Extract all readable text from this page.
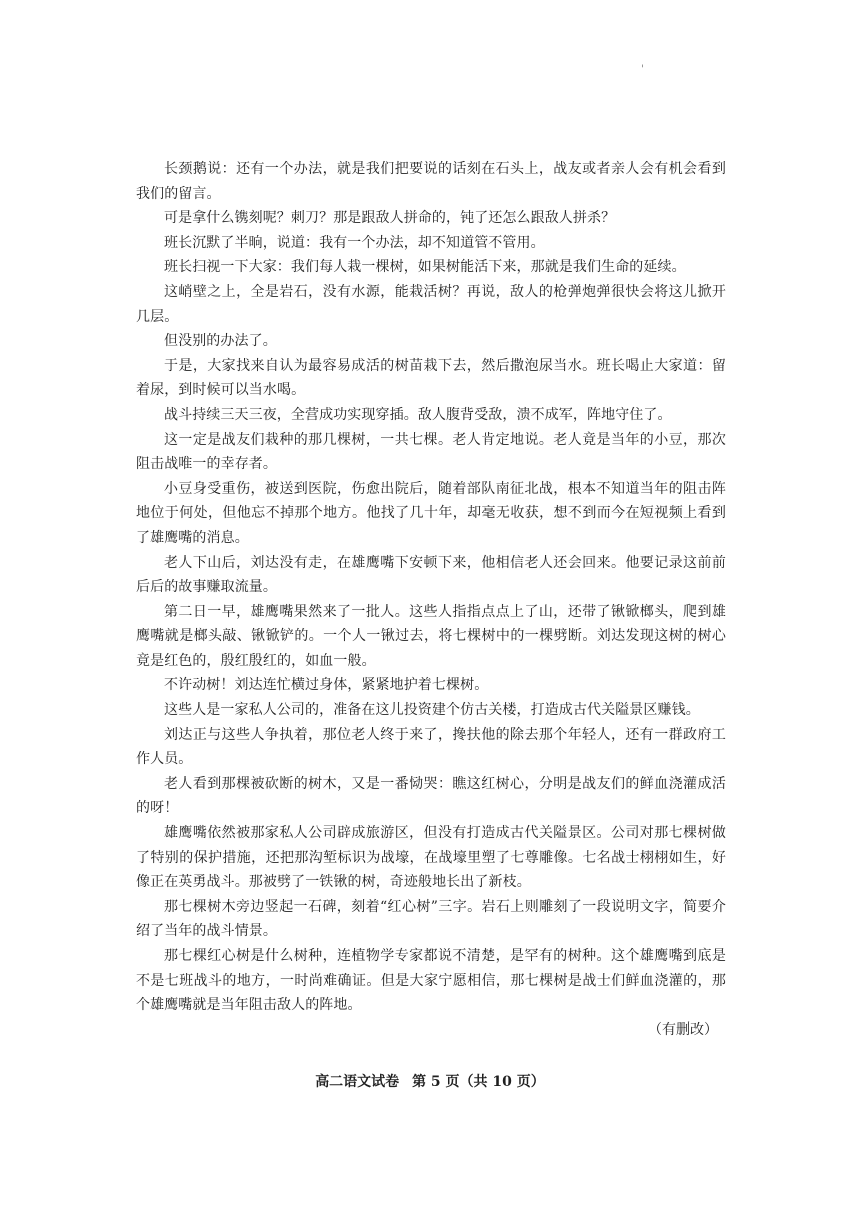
'

长颈鹅说：还有一个办法，就是我们把要说的话刻在石头上，战友或者亲人会有机会看到我们的留言。

可是拿什么镌刻呢？刺刀？那是跟敌人拼命的，钝了还怎么跟敌人拼杀？

班长沉默了半晌，说道：我有一个办法，却不知道管不管用。

班长扫视一下大家：我们每人栽一棵树，如果树能活下来，那就是我们生命的延续。

这峭壁之上，全是岩石，没有水源，能栽活树？再说，敌人的枪弹炮弹很快会将这儿掀开几层。

但没别的办法了。

于是，大家找来自认为最容易成活的树苗栽下去，然后撒泡尿当水。班长喝止大家道：留着尿，到时候可以当水喝。

战斗持续三天三夜，全营成功实现穿插。敌人腹背受敌，溃不成军，阵地守住了。

这一定是战友们栽种的那几棵树，一共七棵。老人肯定地说。老人竟是当年的小豆，那次阻击战唯一的幸存者。

小豆身受重伤，被送到医院，伤愈出院后，随着部队南征北战，根本不知道当年的阻击阵地位于何处，但他忘不掉那个地方。他找了几十年，却毫无收获，想不到而今在短视频上看到了雄鹰嘴的消息。

老人下山后，刘达没有走，在雄鹰嘴下安顿下来，他相信老人还会回来。他要记录这前前后后的故事赚取流量。

第二日一早，雄鹰嘴果然来了一批人。这些人指指点点上了山，还带了锹锨榔头，爬到雄鹰嘴就是榔头敲、锹锨铲的。一个人一锹过去，将七棵树中的一棵劈断。刘达发现这树的树心竟是红色的，殷红殷红的，如血一般。

不许动树！刘达连忙横过身体，紧紧地护着七棵树。

这些人是一家私人公司的，准备在这儿投资建个仿古关楼，打造成古代关隘景区赚钱。

刘达正与这些人争执着，那位老人终于来了，搀扶他的除去那个年轻人，还有一群政府工作人员。

老人看到那棵被砍断的树木，又是一番恸哭：瞧这红树心，分明是战友们的鲜血浇灌成活的呀！

雄鹰嘴依然被那家私人公司辟成旅游区，但没有打造成古代关隘景区。公司对那七棵树做了特别的保护措施，还把那沟堑标识为战壕，在战壕里塑了七尊雕像。七名战士栩栩如生，好像正在英勇战斗。那被劈了一铁锹的树，奇迹般地长出了新枝。

那七棵树木旁边竖起一石碑，刻着“红心树”三字。岩石上则雕刻了一段说明文字，简要介绍了当年的战斗情景。

那七棵红心树是什么树种，连植物学专家都说不清楚，是罕有的树种。这个雄鹰嘴到底是不是七班战斗的地方，一时尚难确证。但是大家宁愿相信，那七棵树是战士们鲜血浇灌的，那个雄鹰嘴就是当年阻击敌人的阵地。

（有删改）

高二语文试卷 第 5 页（共 10 页）
